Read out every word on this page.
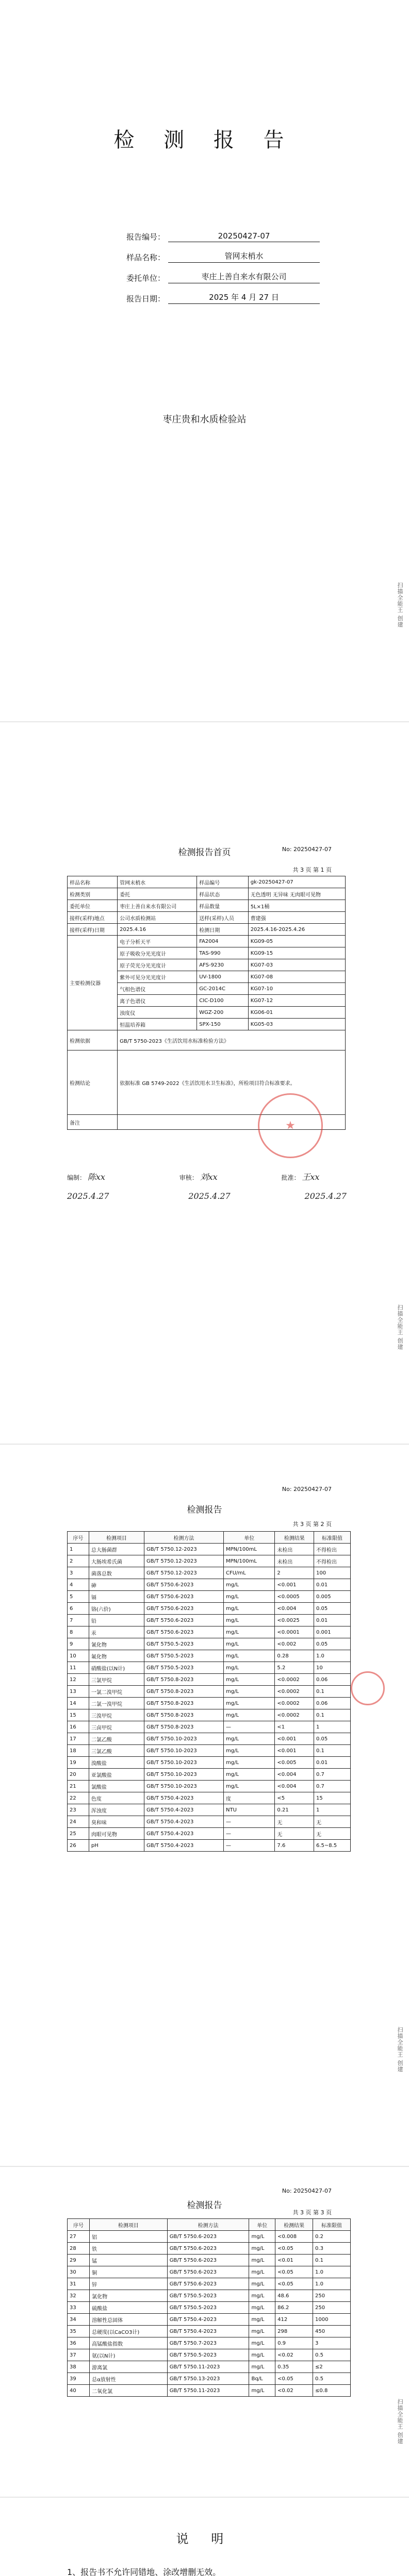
检 测 报 告
报告编号：	20250427-07
样品名称：	管网末梢水
委托单位：	枣庄上善自来水有限公司
报告日期：	2025 年 4 月 27 日
枣庄贵和水质检验站
扫描全能王 创建
检测报告首页	No: 20250427-07
共 3 页 第 1 页
样品名称	管网末梢水	样品编号	gk-20250427-07
检测类别	委托	样品状态	无色透明 无异味 无肉眼可见物
委托单位	枣庄上善自来水有限公司	样品数量	5L×1桶
接样(采样)地点	公司水质检测站	送样(采样)人员	曹建强
接样(采样)日期	2025.4.16	检测日期	2025.4.16-2025.4.26
主要检测仪器	电子分析天平	FA2004	KG09-05
	原子吸收分光光度计	TAS-990	KG09-15
	原子荧光分光光度计	AFS-9230	KG07-03
	紫外可见分光光度计	UV-1800	KG07-08
	气相色谱仪	GC-2014C	KG07-10
	离子色谱仪	CIC-D100	KG07-12
	浊度仪	WGZ-200	KG06-01
	恒温培养箱	SPX-150	KG05-03
检测依据	GB/T 5750-2023《生活饮用水标准检验方法》		
检测结论	依据标准 GB 5749-2022《生活饮用水卫生标准》，所检项目符合标准要求。		
备注				★
编制： 陈xx	审核： 刘xx	批准： 王xx
2025.4.27	2025.4.27	2025.4.27
扫描全能王 创建
No: 20250427-07
检测报告
共 3 页 第 2 页
序号	检测项目	检测方法	单位	检测结果	标准限值
1	总大肠菌群	GB/T 5750.12-2023	MPN/100mL	未检出	不得检出
2	大肠埃希氏菌	GB/T 5750.12-2023	MPN/100mL	未检出	不得检出
3	菌落总数	GB/T 5750.12-2023	CFU/mL	2	100
4	砷	GB/T 5750.6-2023	mg/L	<0.001	0.01
5	镉	GB/T 5750.6-2023	mg/L	<0.0005	0.005
6	铬(六价)	GB/T 5750.6-2023	mg/L	<0.004	0.05
7	铅	GB/T 5750.6-2023	mg/L	<0.0025	0.01
8	汞	GB/T 5750.6-2023	mg/L	<0.0001	0.001
9	氰化物	GB/T 5750.5-2023	mg/L	<0.002	0.05
10	氟化物	GB/T 5750.5-2023	mg/L	0.28	1.0
11	硝酸盐(以N计)	GB/T 5750.5-2023	mg/L	5.2	10
12	三氯甲烷	GB/T 5750.8-2023	mg/L	<0.0002	0.06
13	一氯二溴甲烷	GB/T 5750.8-2023	mg/L	<0.0002	0.1
14	二氯一溴甲烷	GB/T 5750.8-2023	mg/L	<0.0002	0.06
15	三溴甲烷	GB/T 5750.8-2023	mg/L	<0.0002	0.1
16	三卤甲烷	GB/T 5750.8-2023	—	<1	1
17	二氯乙酸	GB/T 5750.10-2023	mg/L	<0.001	0.05
18	三氯乙酸	GB/T 5750.10-2023	mg/L	<0.001	0.1
19	溴酸盐	GB/T 5750.10-2023	mg/L	<0.005	0.01
20	亚氯酸盐	GB/T 5750.10-2023	mg/L	<0.004	0.7
21	氯酸盐	GB/T 5750.10-2023	mg/L	<0.004	0.7
22	色度	GB/T 5750.4-2023	度	<5	15
23	浑浊度	GB/T 5750.4-2023	NTU	0.21	1
24	臭和味	GB/T 5750.4-2023	—	无	无
25	肉眼可见物	GB/T 5750.4-2023	—	无	无
26	pH	GB/T 5750.4-2023	—	7.6	6.5~8.5
扫描全能王 创建
No: 20250427-07
检测报告
共 3 页 第 3 页
序号	检测项目	检测方法	单位	检测结果	标准限值
27	铝	GB/T 5750.6-2023	mg/L	<0.008	0.2
28	铁	GB/T 5750.6-2023	mg/L	<0.05	0.3
29	锰	GB/T 5750.6-2023	mg/L	<0.01	0.1
30	铜	GB/T 5750.6-2023	mg/L	<0.05	1.0
31	锌	GB/T 5750.6-2023	mg/L	<0.05	1.0
32	氯化物	GB/T 5750.5-2023	mg/L	48.6	250
33	硫酸盐	GB/T 5750.5-2023	mg/L	86.2	250
34	溶解性总固体	GB/T 5750.4-2023	mg/L	412	1000
35	总硬度(以CaCO3计)	GB/T 5750.4-2023	mg/L	298	450
36	高锰酸盐指数	GB/T 5750.7-2023	mg/L	0.9	3
37	氨(以N计)	GB/T 5750.5-2023	mg/L	<0.02	0.5
38	游离氯	GB/T 5750.11-2023	mg/L	0.35	≤2
39	总α放射性	GB/T 5750.13-2023	Bq/L	<0.05	0.5
40	二氧化氯	GB/T 5750.11-2023	mg/L	<0.02	≤0.8
扫描全能王 创建
说 明

1、报告书不允许同错地、涂改增删无效。
